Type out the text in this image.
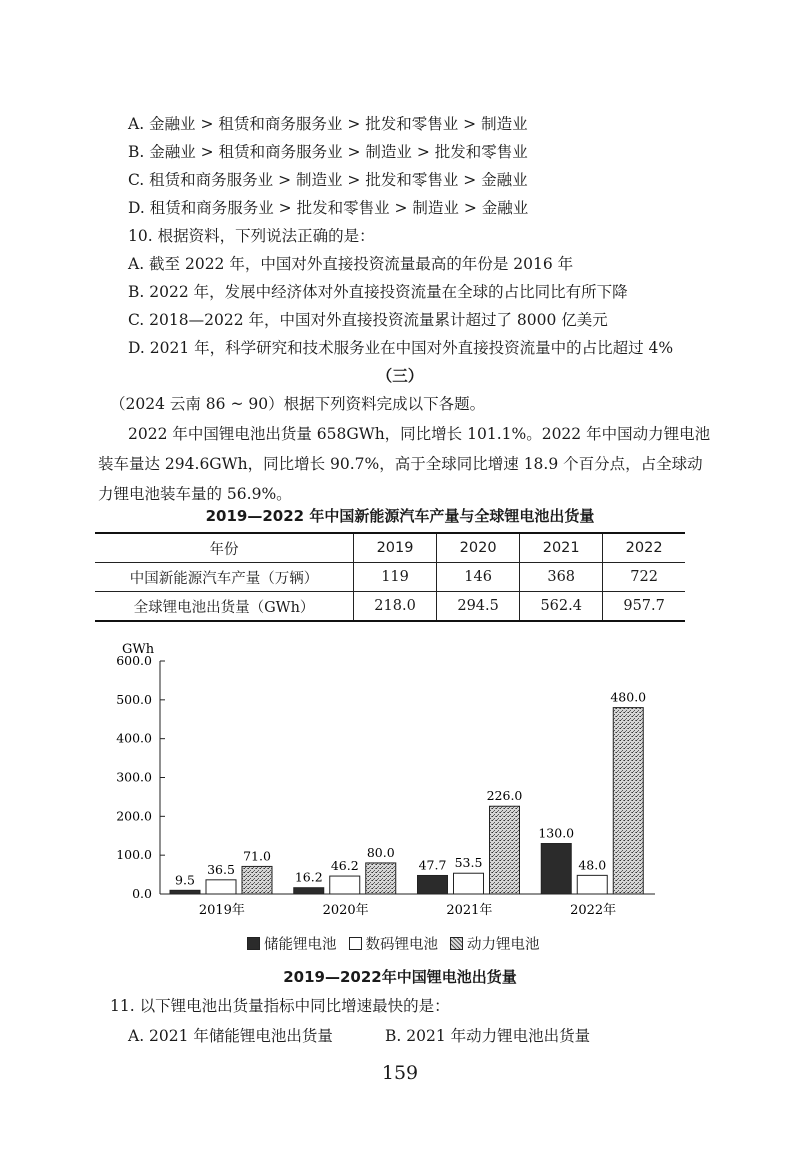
A. 金融业 > 租赁和商务服务业 > 批发和零售业 > 制造业
B. 金融业 > 租赁和商务服务业 > 制造业 > 批发和零售业
C. 租赁和商务服务业 > 制造业 > 批发和零售业 > 金融业
D. 租赁和商务服务业 > 批发和零售业 > 制造业 > 金融业
10. 根据资料，下列说法正确的是：
A. 截至 2022 年，中国对外直接投资流量最高的年份是 2016 年
B. 2022 年，发展中经济体对外直接投资流量在全球的占比同比有所下降
C. 2018—2022 年，中国对外直接投资流量累计超过了 8000 亿美元
D. 2021 年，科学研究和技术服务业在中国对外直接投资流量中的占比超过 4%
（三）
（2024 云南 86 ~ 90）根据下列资料完成以下各题。
2022 年中国锂电池出货量 658GWh，同比增长 101.1%。2022 年中国动力锂电池
装车量达 294.6GWh，同比增长 90.7%，高于全球同比增速 18.9 个百分点，占全球动
力锂电池装车量的 56.9%。
2019—2022 年中国新能源汽车产量与全球锂电池出货量
年份	2019	2020	2021	2022
中国新能源汽车产量（万辆）	119	146	368	722
全球锂电池出货量（GWh）	218.0	294.5	562.4	957.7
GWh
0.0
100.0
200.0
300.0
400.0
500.0
600.0
9.5
36.5
71.0
2019年
16.2
46.2
80.0
2020年
47.7 53.5
226.0
2021年
130.0
48.0
480.0
2022年
储能锂电池 数码锂电池 动力锂电池
2019—2022年中国锂电池出货量
11. 以下锂电池出货量指标中同比增速最快的是：
A. 2021 年储能锂电池出货量	B. 2021 年动力锂电池出货量
159
